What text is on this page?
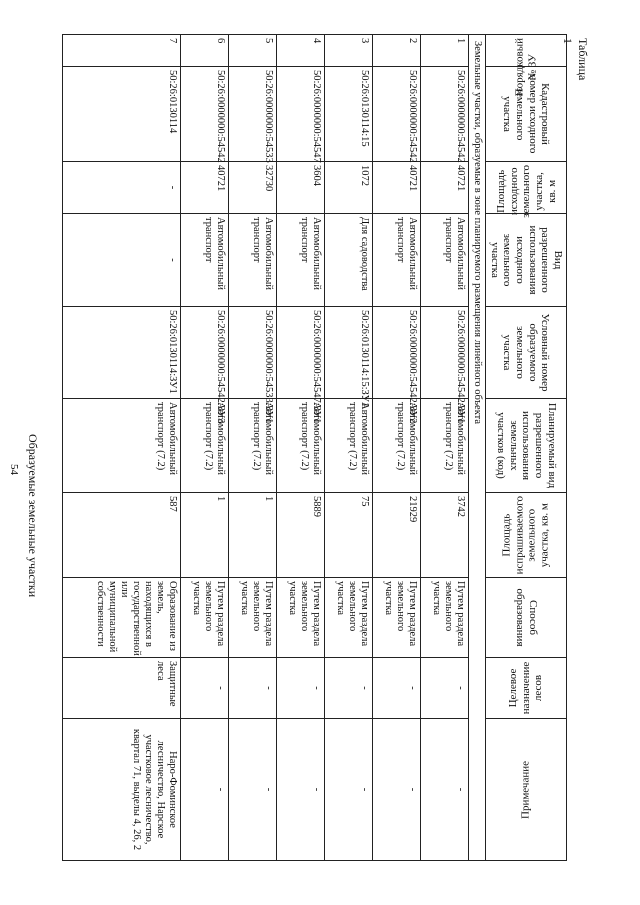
54 Образуемые земельные участки
Таблица 1
Порядковый № ЗУ	Кадастровый номер исходного земельного участка	Площадь исходного земельного участка, кв. м	Вид разрешенного использования исходного земельного участка	Условный номер образуемого земельного участка	Планируемый вид разрешенного использования земельных участков (код)	Площадь испрашиваемого земельного участка, кв. м	Способ образования	Целевое назначение лесов	Примечание
Земельные участки, образуемые в зоне планируемого размещения линейного объекта									
1	50:26:0000000:54542	40721	Автомобильный транспорт	50:26:0000000:54542:ЗУ1	Автомобильный транспорт (7.2)	3742	Путем раздела земельного участка	-	-
2	50:26:0000000:54542	40721	Автомобильный транспорт	50:26:0000000:54542:ЗУ2	Автомобильный транспорт (7.2)	21929	Путем раздела земельного участка	-	-
3	50:26:0130114:15	1072	Для садоводства	50:26:0130114:15:ЗУ1	Автомобильный транспорт (7.2)	75	Путем раздела земельного участка	-	-
4	50:26:0000000:54547	3604	Автомобильный транспорт	50:26:0000000:54547:ЗУ1	Автомобильный транспорт (7.2)	5889	Путем раздела земельного участка	-	-
5	50:26:0000000:54533	32730	Автомобильный транспорт	50:26:0000000:54533:ЗУ1	Автомобильный транспорт (7.2)	1	Путем раздела земельного участка	-	-
6	50:26:0000000:54542	40721	Автомобильный транспорт	50:26:0000000:54542:ЗУ3	Автомобильный транспорт (7.2)	1	Путем раздела земельного участка	-	-
7	50:26:0130114	-	-	50:26:0130114:ЗУ1	Автомобильный транспорт (7.2)	587	Образование из земель, находящихся в государственной или муниципальной собственности	Защитные леса	Наро-Фоминское лесничество, Нарское участковое лесничество, квартал 71, выделы 4, 26, 2
